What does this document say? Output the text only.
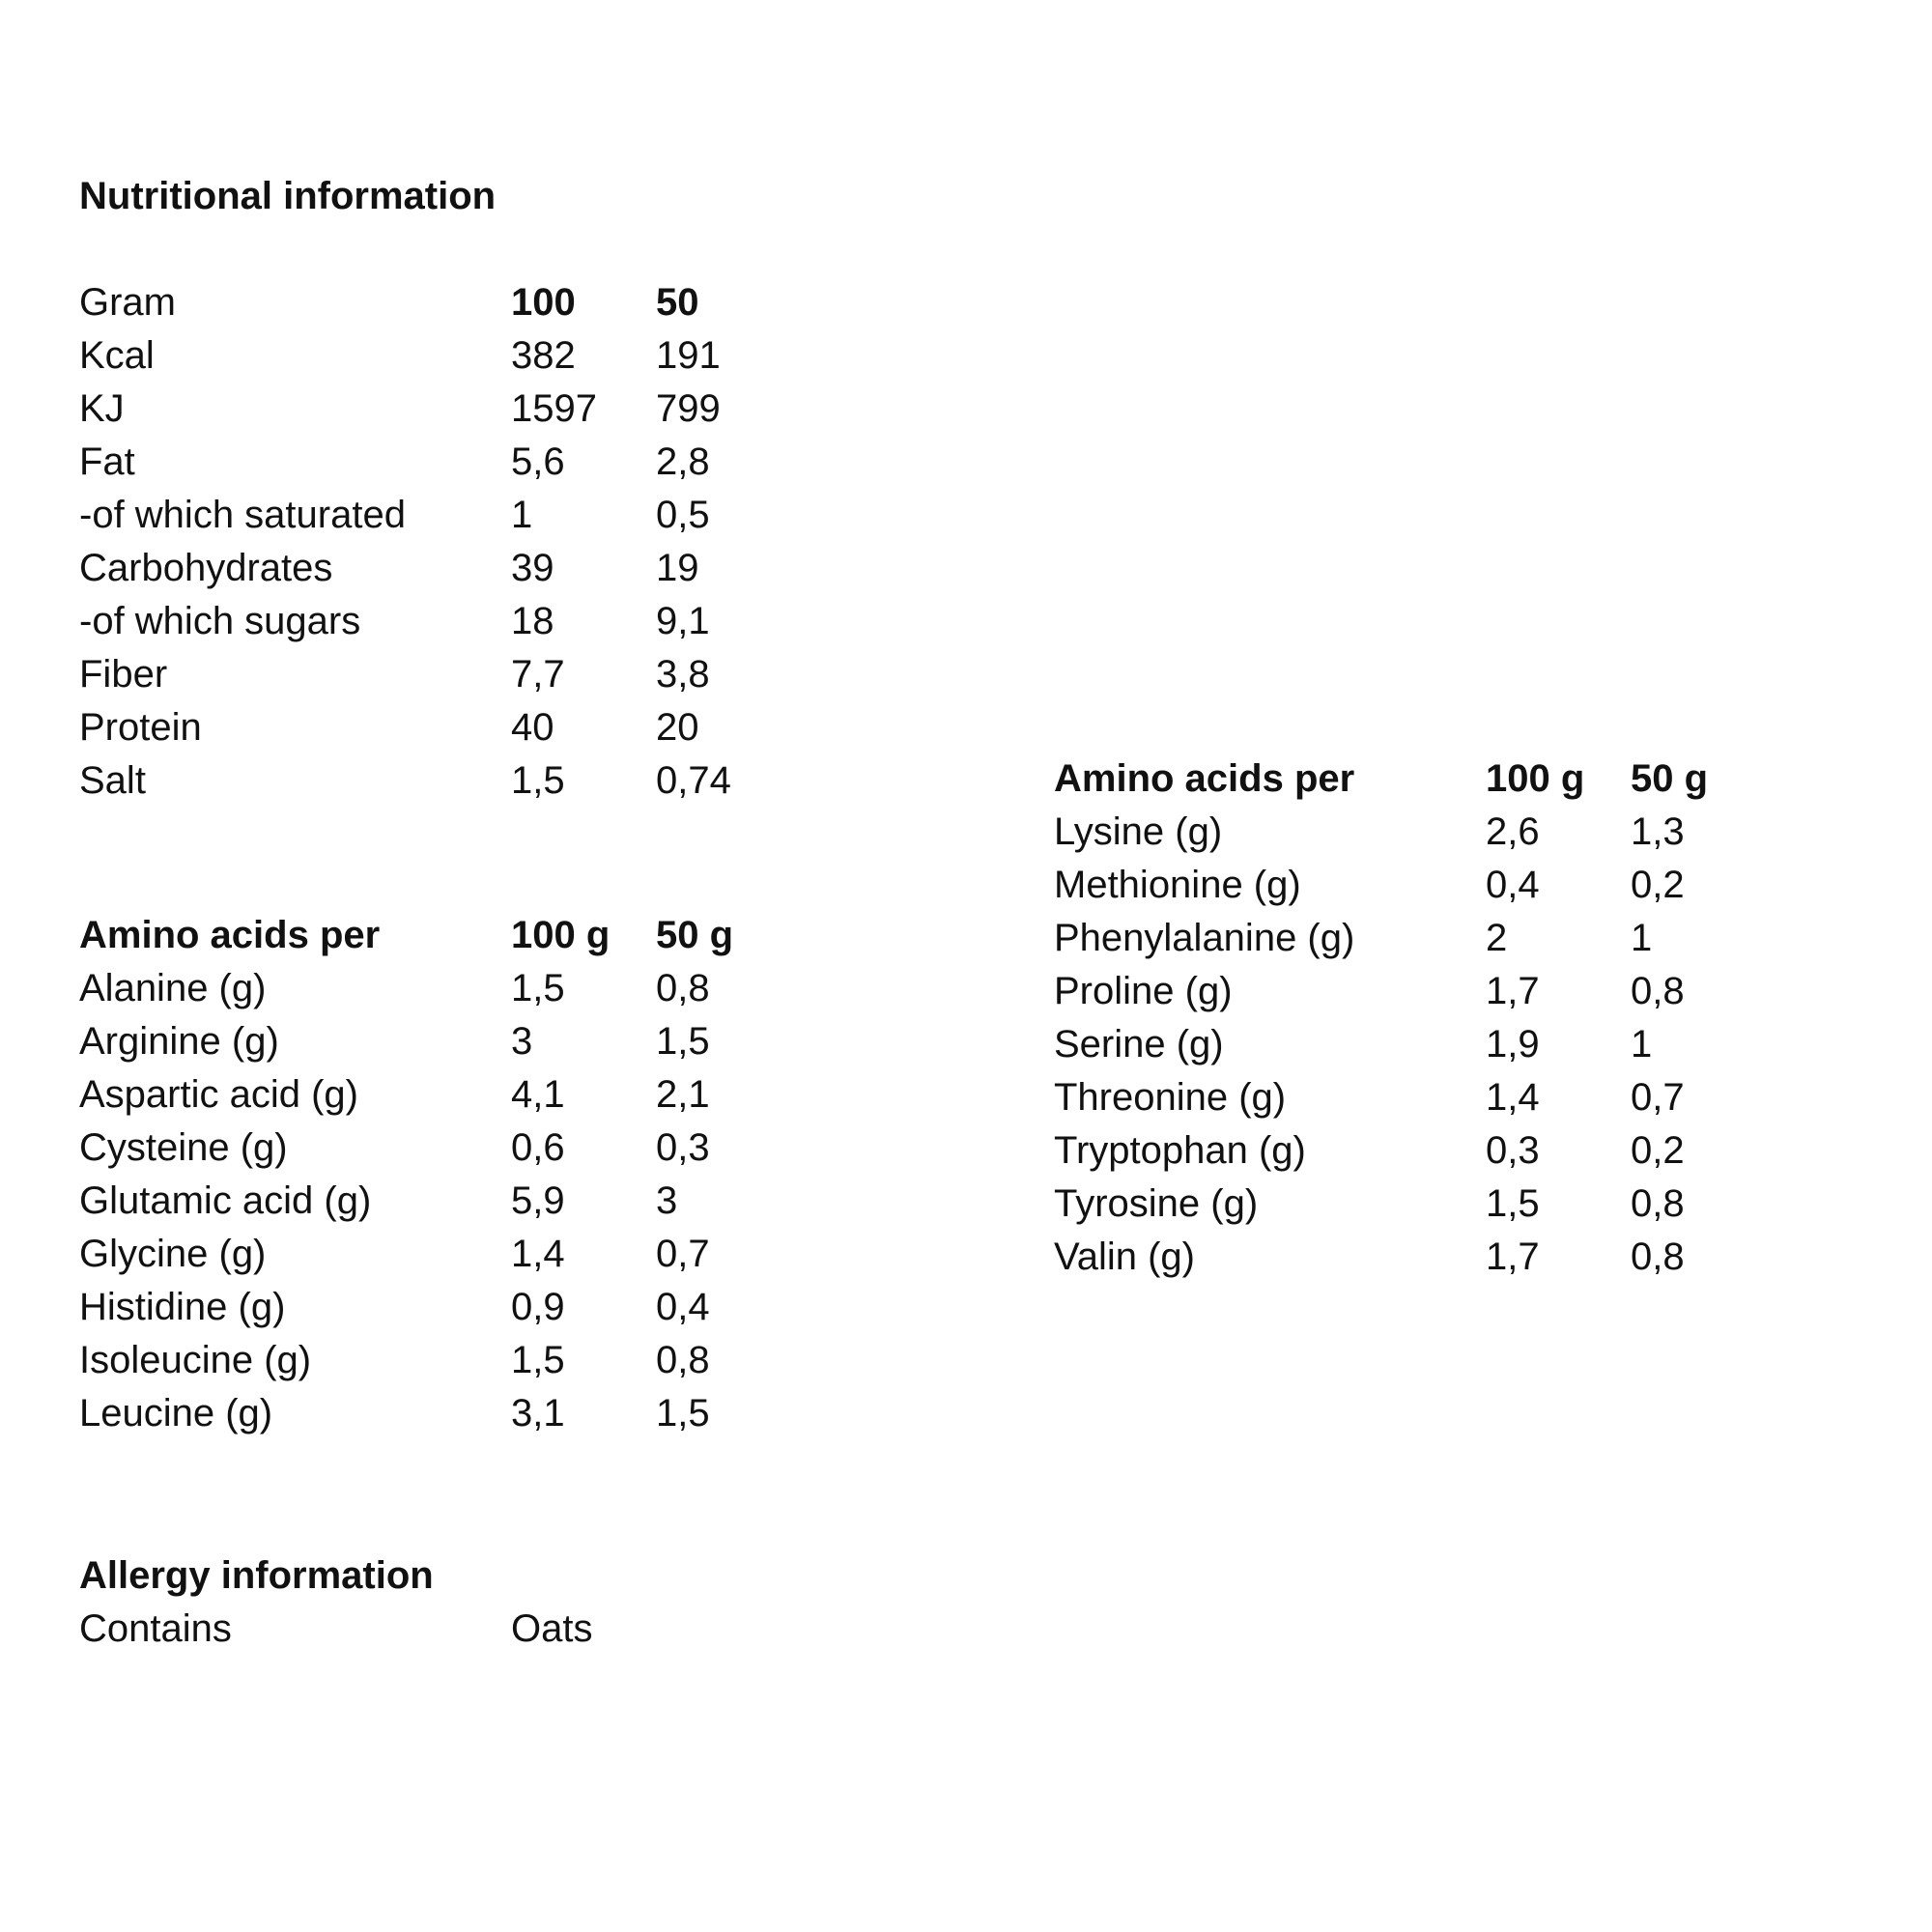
Nutritional information
Gram	100 50
Kcal	382 191
KJ	1597 799
Fat	5,6 2,8
-of which saturated	1	0,5
Carbohydrates	39	19
-of which sugars	18	9,1
Fiber	7,7 3,8
Protein	40	20
Salt	1,5 0,74
Amino acids per	100 g 50 g
Alanine (g)	1,5 0,8
Arginine (g)	3	1,5
Aspartic acid (g)	4,1 2,1
Cysteine (g)	0,6 0,3
Glutamic acid (g)	5,9 3
Glycine (g)	1,4 0,7
Histidine (g)	0,9 0,4
Isoleucine (g)	1,5 0,8
Leucine (g)	3,1 1,5
Amino acids per	100 g 50 g
Lysine (g)	2,6 1,3
Methionine (g)	0,4 0,2
Phenylalanine (g)	2	1
Proline (g)	1,7 0,8
Serine (g)	1,9 1
Threonine (g)	1,4 0,7
Tryptophan (g)	0,3 0,2
Tyrosine (g)	1,5 0,8
Valin (g)	1,7 0,8
Allergy information
Contains	Oats
